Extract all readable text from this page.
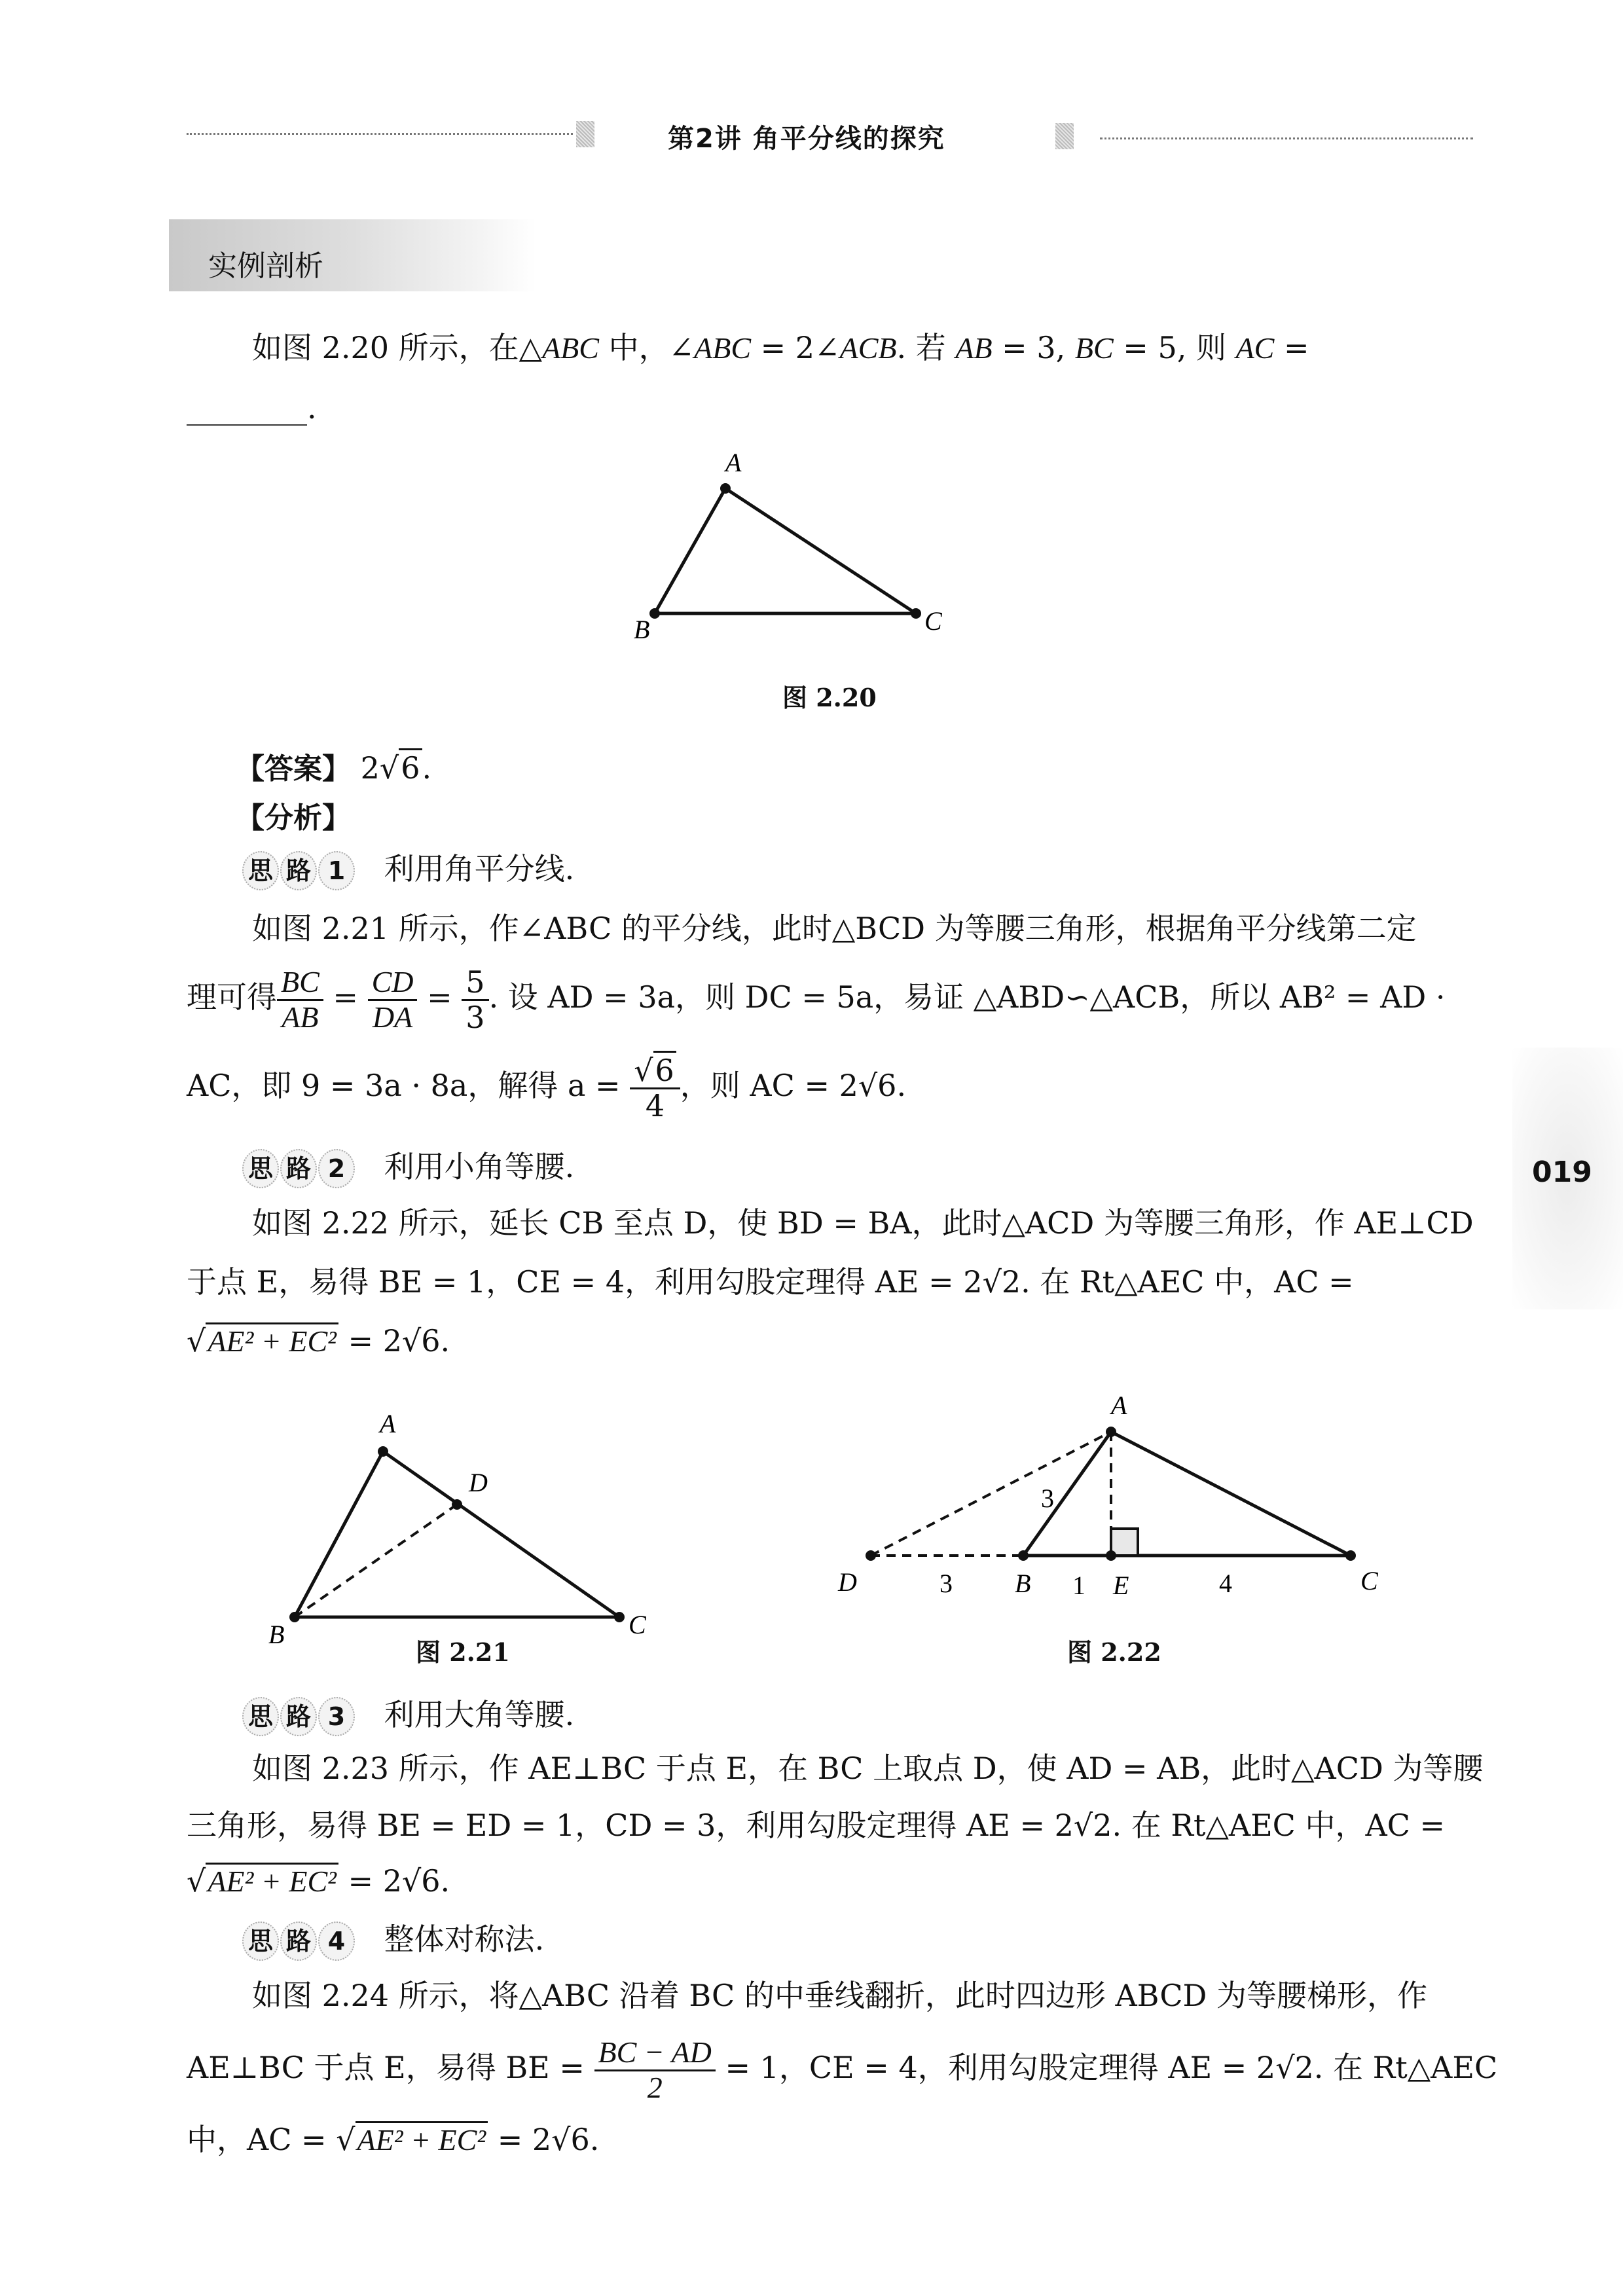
第2讲 角平分线的探究
实例剖析
如图 2.20 所示，在△ABC 中，∠ABC = 2∠ACB. 若 AB = 3, BC = 5, 则 AC =
________.
A
B	C
图 2.20
【答案】 2√6.
【分析】
思 路 1	利用角平分线.
如图 2.21 所示，作∠ABC 的平分线，此时△BCD 为等腰三角形，根据角平分线第二定
理可得 $\frac{BC}{AB} = \frac{CD}{DA} = \frac{5}{3}$ . 设 AD = 3a，则 DC = 5a，易证 △ABD∽△ACB，所以 AB² = AD ·
AC，即 9 = 3a · 8a，解得 $a = \frac{√6}{4}$ ，则 AC = 2√6.
思 路 2	利用小角等腰.
如图 2.22 所示，延长 CB 至点 D，使 BD = BA，此时△ACD 为等腰三角形，作 AE⊥CD
于点 E，易得 BE = 1，CE = 4，利用勾股定理得 AE = 2√2. 在 Rt△AEC 中，AC =
√AE² + EC² = 2√6.
A
D
B	C
图 2.21
A
D	B	E	C
3
3	1	4
图 2.22
思 路 3	利用大角等腰.
如图 2.23 所示，作 AE⊥BC 于点 E，在 BC 上取点 D，使 AD = AB，此时△ACD 为等腰
三角形，易得 BE = ED = 1，CD = 3，利用勾股定理得 AE = 2√2. 在 Rt△AEC 中，AC =
√AE² + EC² = 2√6.
思 路 4	整体对称法.
如图 2.24 所示，将△ABC 沿着 BC 的中垂线翻折，此时四边形 ABCD 为等腰梯形，作
AE⊥BC 于点 E，易得 BE = $\frac{BC - AD}{2} = 1$，CE = 4，利用勾股定理得 AE = 2√2. 在 Rt△AEC
中，AC = √AE² + EC² = 2√6.
019
